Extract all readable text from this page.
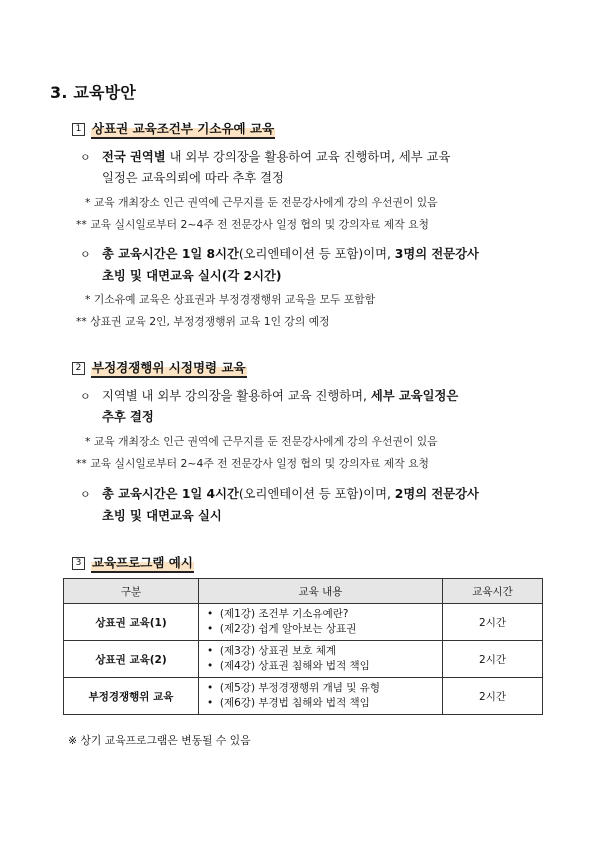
3. 교육방안
1 상표권 교육조건부 기소유예 교육
ㅇ 전국 권역별 내 외부 강의장을 활용하여 교육 진행하며, 세부 교육
일정은 교육의뢰에 따라 추후 결정
* 교육 개최장소 인근 권역에 근무지를 둔 전문강사에게 강의 우선권이 있음
** 교육 실시일로부터 2~4주 전 전문강사 일정 협의 및 강의자료 제작 요청
ㅇ 총 교육시간은 1일 8시간(오리엔테이션 등 포함)이며, 3명의 전문강사
초빙 및 대면교육 실시(각 2시간)
* 기소유예 교육은 상표권과 부정경쟁행위 교육을 모두 포함함
** 상표권 교육 2인, 부정경쟁행위 교육 1인 강의 예정
2 부정경쟁행위 시정명령 교육
ㅇ 지역별 내 외부 강의장을 활용하여 교육 진행하며, 세부 교육일정은
추후 결정
* 교육 개최장소 인근 권역에 근무지를 둔 전문강사에게 강의 우선권이 있음
** 교육 실시일로부터 2~4주 전 전문강사 일정 협의 및 강의자료 제작 요청
ㅇ 총 교육시간은 1일 4시간(오리엔테이션 등 포함)이며, 2명의 전문강사
초빙 및 대면교육 실시
3 교육프로그램 예시
구분	교육 내용	교육시간
상표권 교육(1)	• (제1강) 조건부 기소유예란?
• (제2강) 쉽게 알아보는 상표권	2시간
상표권 교육(2)	• (제3강) 상표권 보호 체계
• (제4강) 상표권 침해와 법적 책임	2시간
부정경쟁행위 교육	• (제5강) 부정경쟁행위 개념 및 유형
• (제6강) 부경법 침해와 법적 책임	2시간
※ 상기 교육프로그램은 변동될 수 있음
